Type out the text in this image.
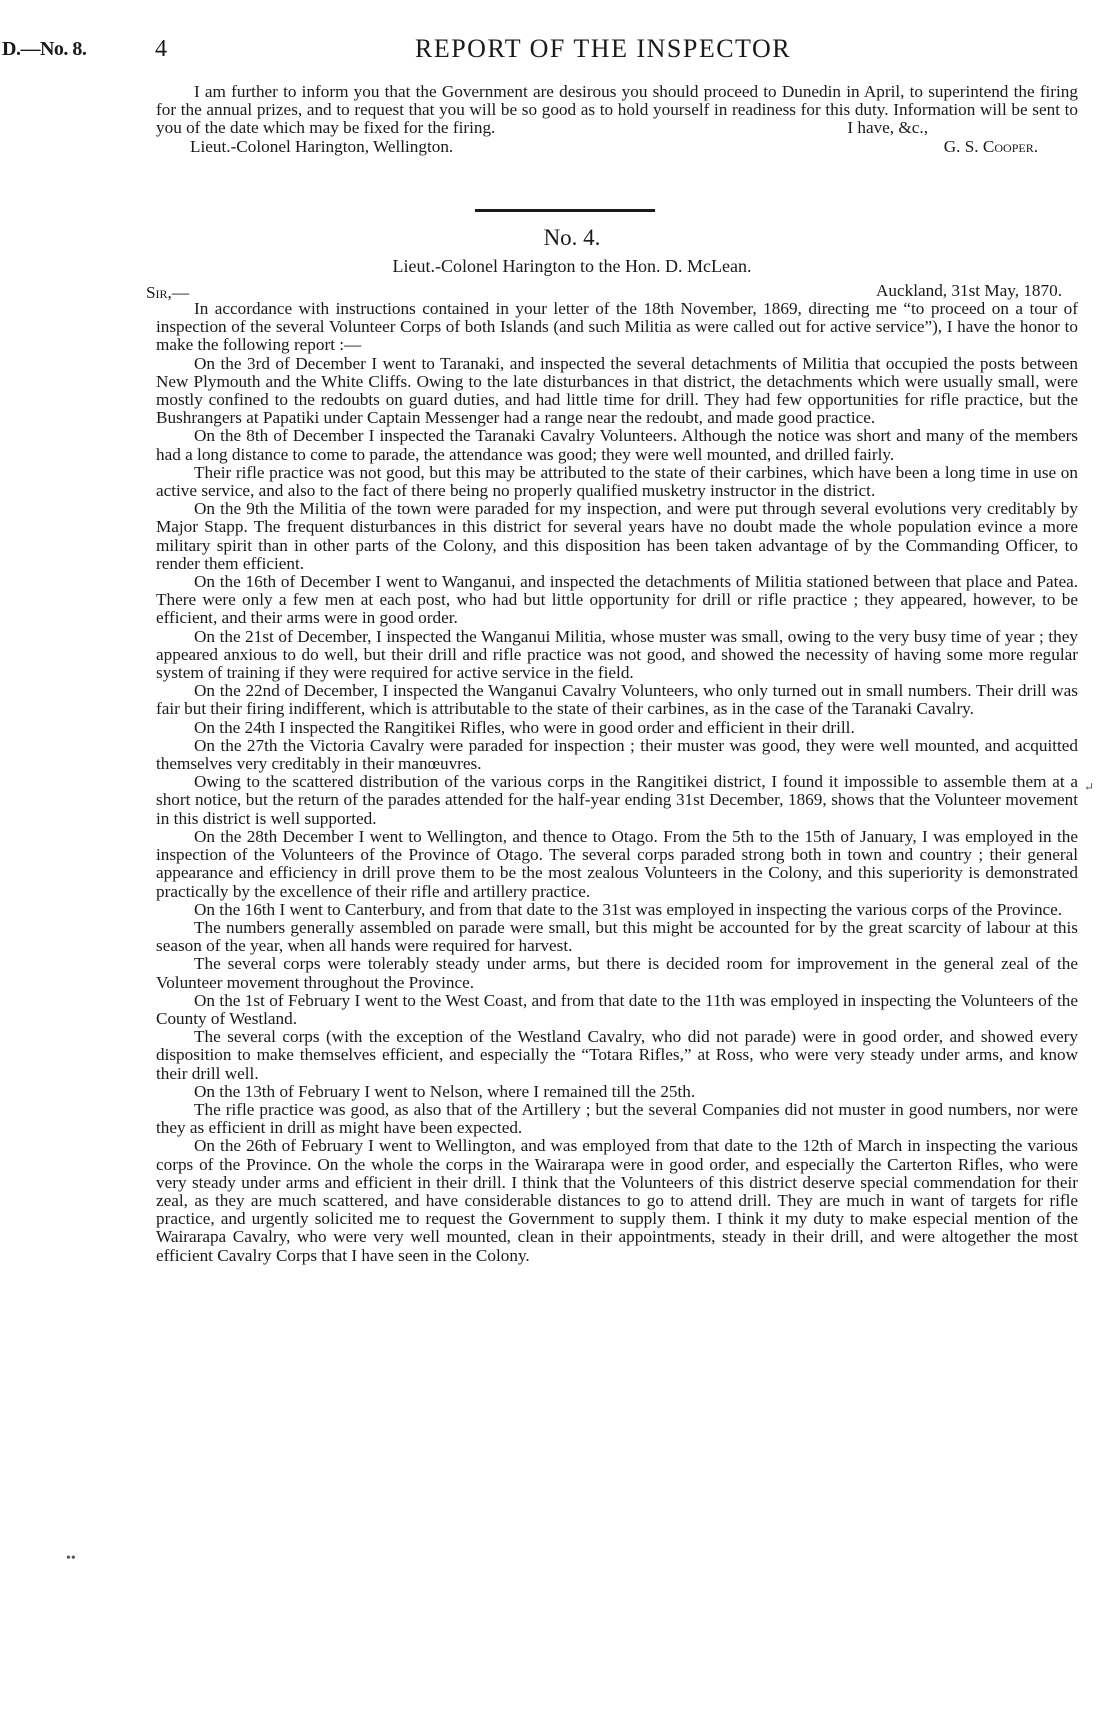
D.—No. 8.	4	REPORT OF THE INSPECTOR

I am further to inform you that the Government are desirous you should proceed to Dunedin in April, to superintend the firing for the annual prizes, and to request that you will be so good as to hold yourself in readiness for this duty. Information will be sent to you of the date which may be fixed for the firing.	I have, &c.,
Lieut.-Colonel Harington, Wellington.	G. S. Cooper.
No. 4.
Lieut.-Colonel Harington to the Hon. D. McLean.
Sir,—	Auckland, 31st May, 1870.

In accordance with instructions contained in your letter of the 18th November, 1869, directing me “to proceed on a tour of inspection of the several Volunteer Corps of both Islands (and such Militia as were called out for active service”), I have the honor to make the following report :—

On the 3rd of December I went to Taranaki, and inspected the several detachments of Militia that occupied the posts between New Plymouth and the White Cliffs. Owing to the late disturbances in that district, the detachments which were usually small, were mostly confined to the redoubts on guard duties, and had little time for drill. They had few opportunities for rifle practice, but the Bushrangers at Papatiki under Captain Messenger had a range near the redoubt, and made good practice.

On the 8th of December I inspected the Taranaki Cavalry Volunteers. Although the notice was short and many of the members had a long distance to come to parade, the attendance was good; they were well mounted, and drilled fairly.

Their rifle practice was not good, but this may be attributed to the state of their carbines, which have been a long time in use on active service, and also to the fact of there being no properly qualified musketry instructor in the district.

On the 9th the Militia of the town were paraded for my inspection, and were put through several evolutions very creditably by Major Stapp. The frequent disturbances in this district for several years have no doubt made the whole population evince a more military spirit than in other parts of the Colony, and this disposition has been taken advantage of by the Commanding Officer, to render them efficient.

On the 16th of December I went to Wanganui, and inspected the detachments of Militia stationed between that place and Patea. There were only a few men at each post, who had but little opportunity for drill or rifle practice ; they appeared, however, to be efficient, and their arms were in good order.

On the 21st of December, I inspected the Wanganui Militia, whose muster was small, owing to the very busy time of year ; they appeared anxious to do well, but their drill and rifle practice was not good, and showed the necessity of having some more regular system of training if they were required for active service in the field.

On the 22nd of December, I inspected the Wanganui Cavalry Volunteers, who only turned out in small numbers. Their drill was fair but their firing indifferent, which is attributable to the state of their carbines, as in the case of the Taranaki Cavalry.

On the 24th I inspected the Rangitikei Rifles, who were in good order and efficient in their drill.

On the 27th the Victoria Cavalry were paraded for inspection ; their muster was good, they were well mounted, and acquitted themselves very creditably in their manœuvres.

Owing to the scattered distribution of the various corps in the Rangitikei district, I found it impossible to assemble them at a short notice, but the return of the parades attended for the half-year ending 31st December, 1869, shows that the Volunteer movement in this district is well supported.

On the 28th December I went to Wellington, and thence to Otago. From the 5th to the 15th of January, I was employed in the inspection of the Volunteers of the Province of Otago. The several corps paraded strong both in town and country ; their general appearance and efficiency in drill prove them to be the most zealous Volunteers in the Colony, and this superiority is demonstrated practically by the excellence of their rifle and artillery practice.

On the 16th I went to Canterbury, and from that date to the 31st was employed in inspecting the various corps of the Province.

The numbers generally assembled on parade were small, but this might be accounted for by the great scarcity of labour at this season of the year, when all hands were required for harvest.

The several corps were tolerably steady under arms, but there is decided room for improvement in the general zeal of the Volunteer movement throughout the Province.

On the 1st of February I went to the West Coast, and from that date to the 11th was employed in inspecting the Volunteers of the County of Westland.

The several corps (with the exception of the Westland Cavalry, who did not parade) were in good order, and showed every disposition to make themselves efficient, and especially the “Totara Rifles,” at Ross, who were very steady under arms, and know their drill well.

On the 13th of February I went to Nelson, where I remained till the 25th.

The rifle practice was good, as also that of the Artillery ; but the several Companies did not muster in good numbers, nor were they as efficient in drill as might have been expected.

On the 26th of February I went to Wellington, and was employed from that date to the 12th of March in inspecting the various corps of the Province. On the whole the corps in the Wairarapa were in good order, and especially the Carterton Rifles, who were very steady under arms and efficient in their drill. I think that the Volunteers of this district deserve special commendation for their zeal, as they are much scattered, and have considerable distances to go to attend drill. They are much in want of targets for rifle practice, and urgently solicited me to request the Government to supply them. I think it my duty to make especial mention of the Wairarapa Cavalry, who were very well mounted, clean in their appointments, steady in their drill, and were altogether the most efficient Cavalry Corps that I have seen in the Colony.

↵
••
